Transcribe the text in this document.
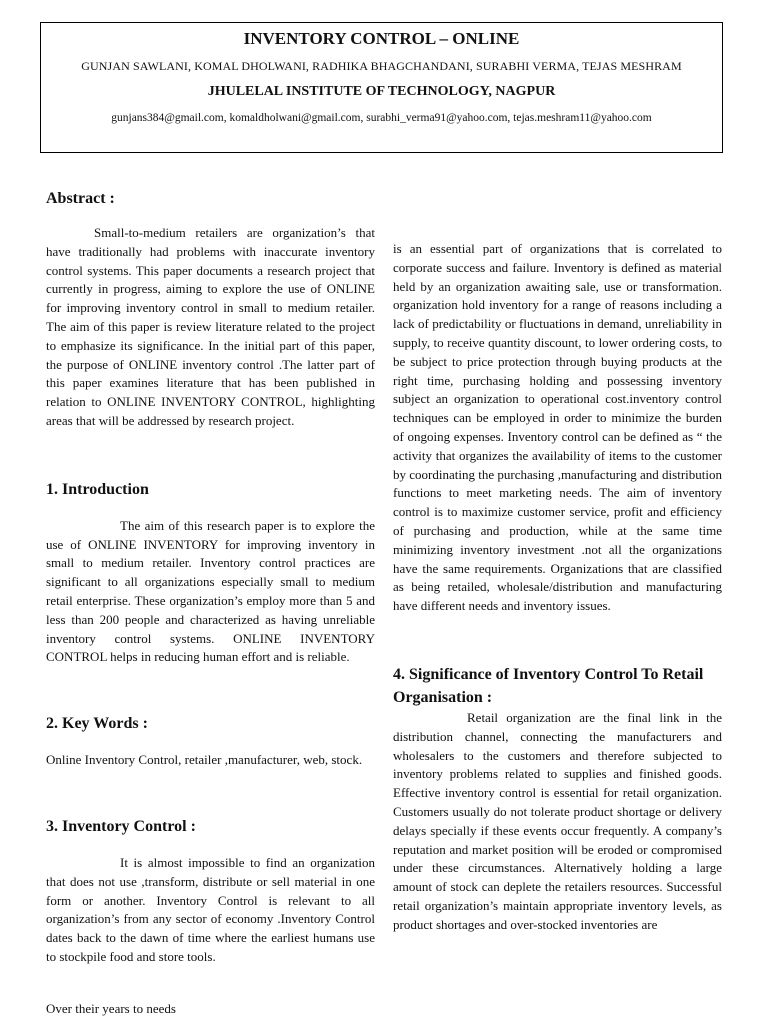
INVENTORY CONTROL – ONLINE
GUNJAN SAWLANI, KOMAL DHOLWANI, RADHIKA BHAGCHANDANI, SURABHI VERMA, TEJAS MESHRAM
JHULELAL INSTITUTE OF TECHNOLOGY, NAGPUR
gunjans384@gmail.com, komaldholwani@gmail.com, surabhi_verma91@yahoo.com, tejas.meshram11@yahoo.com
Abstract :

Small-to-medium retailers are organization’s that have traditionally had problems with inaccurate inventory control systems. This paper documents a research project that currently in progress, aiming to explore the use of ONLINE for improving inventory control in small to medium retailer. The aim of this paper is review literature related to the project to emphasize its significance. In the initial part of this paper, the purpose of ONLINE inventory control .The latter part of this paper examines literature that has been published in relation to ONLINE INVENTORY CONTROL, highlighting areas that will be addressed by research project.

1. Introduction

The aim of this research paper is to explore the use of ONLINE INVENTORY for improving inventory in small to medium retailer. Inventory control practices are significant to all organizations especially small to medium retail enterprise. These organization’s employ more than 5 and less than 200 people and characterized as having unreliable inventory control systems. ONLINE INVENTORY CONTROL helps in reducing human effort and is reliable.

2. Key Words :

Online Inventory Control, retailer ,manufacturer, web, stock.

3. Inventory Control :

It is almost impossible to find an organization that does not use ,transform, distribute or sell material in one form or another. Inventory Control is relevant to all organization’s from any sector of economy .Inventory Control dates back to the dawn of time where the earliest humans use to stockpile food and store tools.

Over their years to needs

is an essential part of organizations that is correlated to corporate success and failure. Inventory is defined as material held by an organization awaiting sale, use or transformation. organization hold inventory for a range of reasons including a lack of predictability or fluctuations in demand, unreliability in supply, to receive quantity discount, to lower ordering costs, to be subject to price protection through buying products at the right time, purchasing holding and possessing inventory subject an organization to operational cost.inventory control techniques can be employed in order to minimize the burden of ongoing expenses. Inventory control can be defined as “ the activity that organizes the availability of items to the customer by coordinating the purchasing ,manufacturing and distribution functions to meet marketing needs. The aim of inventory control is to maximize customer service, profit and efficiency of purchasing and production, while at the same time minimizing inventory investment .not all the organizations have the same requirements. Organizations that are classified as being retailed, wholesale/distribution and manufacturing have different needs and inventory issues.

4. Significance of Inventory Control To Retail Organisation :

Retail organization are the final link in the distribution channel, connecting the manufacturers and wholesalers to the customers and therefore subjected to inventory problems related to supplies and finished goods. Effective inventory control is essential for retail organization. Customers usually do not tolerate product shortage or delivery delays specially if these events occur frequently. A company’s reputation and market position will be eroded or compromised under these circumstances. Alternatively holding a large amount of stock can deplete the retailers resources. Successful retail organization’s maintain appropriate inventory levels, as product shortages and over-stocked inventories are
